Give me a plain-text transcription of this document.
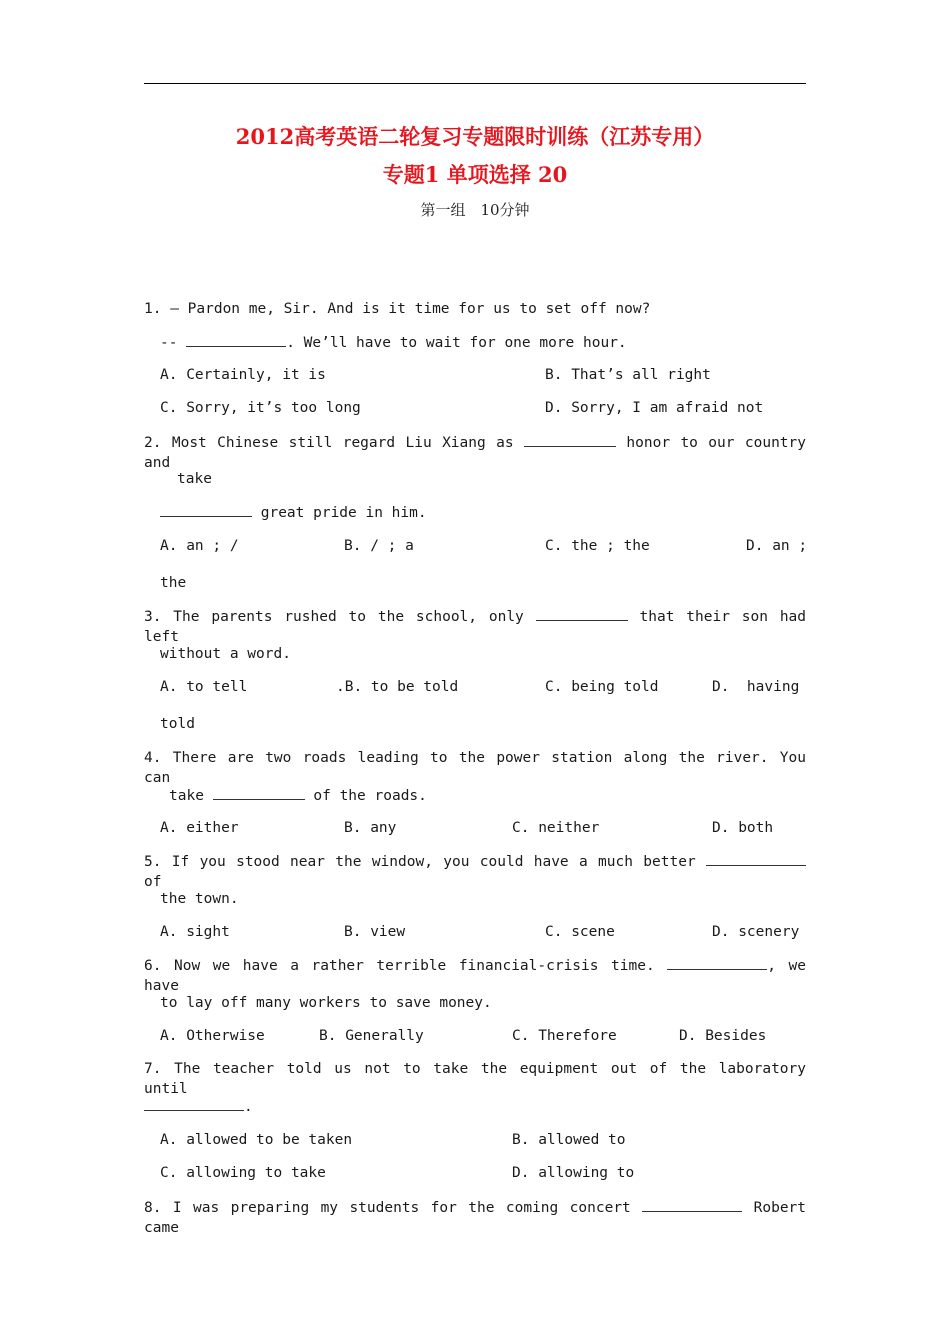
2012高考英语二轮复习专题限时训练（江苏专用）
专题1 单项选择 20
第一组　10分钟
1. – Pardon me, Sir. And is it time for us to set off now?
--	. We’ll have to wait for one more hour.
A. Certainly, it is	B. That’s all right
C. Sorry, it’s too long	D. Sorry, I am afraid not
2. Most Chinese still regard Liu Xiang as	honor to our country and
take
great pride in him.
A. an ; /	B. / ; a	C. the ; the	D. an ;
the
3. The parents rushed to the school, only	that their son had left
without a word.
A. to tell	.B. to be told	C. being told	D.  having
told
4. There are two roads leading to the power station along the river. You can
take	of the roads.
A. either	B. any	C. neither	D. both
5. If you stood near the window, you could have a much better  of
the town.
A. sight	B. view	C. scene	D. scenery
6. Now we have a rather terrible financial-crisis time.	, we have
to lay off many workers to save money.
A. Otherwise	B. Generally	C. Therefore	D. Besides
7. The teacher told us not to take the equipment out of the laboratory until
.
A. allowed to be taken	B. allowed to
C. allowing to take	D. allowing to
8. I was preparing my students for the coming concert	Robert came
